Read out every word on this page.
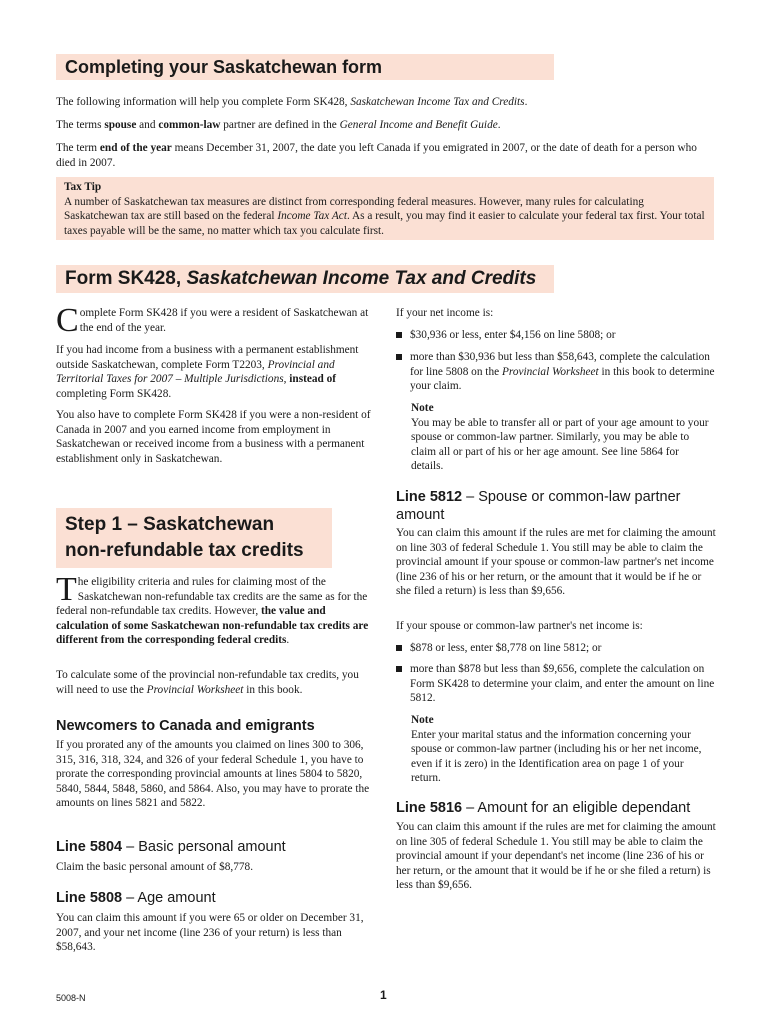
Completing your Saskatchewan form

The following information will help you complete Form SK428, Saskatchewan Income Tax and Credits.

The terms spouse and common-law partner are defined in the General Income and Benefit Guide.

The term end of the year means December 31, 2007, the date you left Canada if you emigrated in 2007, or the date of death for a person who died in 2007.

Tax Tip
A number of Saskatchewan tax measures are distinct from corresponding federal measures. However, many rules for calculating Saskatchewan tax are still based on the federal Income Tax Act. As a result, you may find it easier to calculate your federal tax first. Your total taxes payable will be the same, no matter which tax you calculate first.
Form SK428, Saskatchewan Income Tax and Credits

Complete Form SK428 if you were a resident of Saskatchewan at the end of the year.

If you had income from a business with a permanent establishment outside Saskatchewan, complete Form T2203, Provincial and Territorial Taxes for 2007 – Multiple Jurisdictions, instead of completing Form SK428.

You also have to complete Form SK428 if you were a non-resident of Canada in 2007 and you earned income from employment in Saskatchewan or received income from a business with a permanent establishment only in Saskatchewan.

Step 1 – Saskatchewan
non-refundable tax credits

The eligibility criteria and rules for claiming most of the Saskatchewan non-refundable tax credits are the same as for the federal non-refundable tax credits. However, the value and calculation of some Saskatchewan non-refundable tax credits are different from the corresponding federal credits.

To calculate some of the provincial non-refundable tax credits, you will need to use the Provincial Worksheet in this book.

Newcomers to Canada and emigrants

If you prorated any of the amounts you claimed on lines 300 to 306, 315, 316, 318, 324, and 326 of your federal Schedule 1, you have to prorate the corresponding provincial amounts at lines 5804 to 5820, 5840, 5844, 5848, 5860, and 5864. Also, you may have to prorate the amounts on lines 5821 and 5822.

Line 5804 – Basic personal amount

Claim the basic personal amount of $8,778.

Line 5808 – Age amount

You can claim this amount if you were 65 or older on December 31, 2007, and your net income (line 236 of your return) is less than $58,643.

If your net income is:

$30,936 or less, enter $4,156 on line 5808; or
more than $30,936 but less than $58,643, complete the calculation for line 5808 on the Provincial Worksheet in this book to determine your claim.
Note
You may be able to transfer all or part of your age amount to your spouse or common-law partner. Similarly, you may be able to claim all or part of his or her age amount. See line 5864 for details.
Line 5812 – Spouse or common-law partner amount

You can claim this amount if the rules are met for claiming the amount on line 303 of federal Schedule 1. You still may be able to claim the provincial amount if your spouse or common-law partner's net income (line 236 of his or her return, or the amount that it would be if he or she filed a return) is less than $9,656.

If your spouse or common-law partner's net income is:

$878 or less, enter $8,778 on line 5812; or
more than $878 but less than $9,656, complete the calculation on Form SK428 to determine your claim, and enter the amount on line 5812.
Note
Enter your marital status and the information concerning your spouse or common-law partner (including his or her net income, even if it is zero) in the Identification area on page 1 of your return.
Line 5816 – Amount for an eligible dependant

You can claim this amount if the rules are met for claiming the amount on line 305 of federal Schedule 1. You still may be able to claim the provincial amount if your dependant's net income (line 236 of his or her return, or the amount that it would be if he or she filed a return) is less than $9,656.

5008-N	1
